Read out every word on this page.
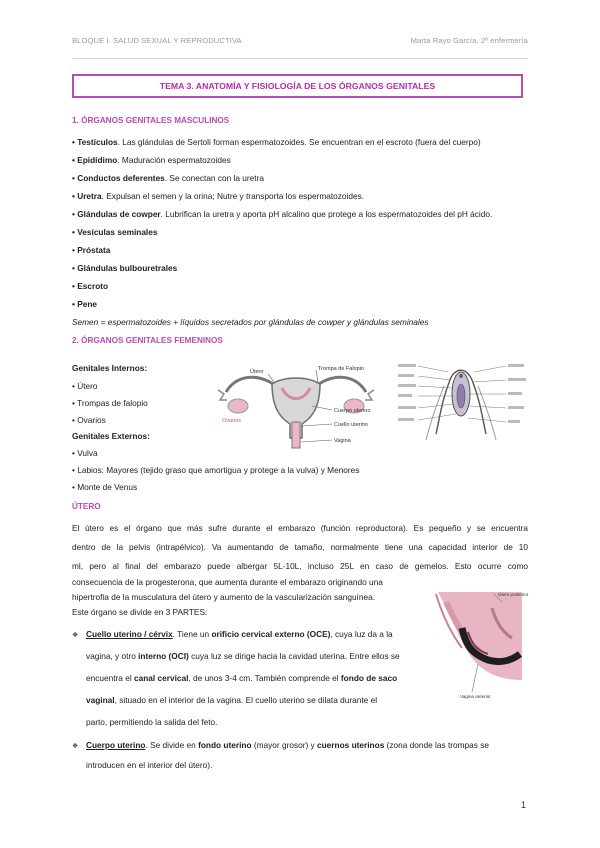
BLOQUE I. SALUD SEXUAL Y REPRODUCTIVA	Marta Rayo García, 2º enfermería
TEMA 3. ANATOMÍA Y FISIOLOGÍA DE LOS ÓRGANOS GENITALES
1. ÓRGANOS GENITALES MASCULINOS
• Testículos. Las glándulas de Sertoli forman espermatozoides. Se encuentran en el escroto (fuera del cuerpo)
• Epidídimo. Maduración espermatozoides
• Conductos deferentes. Se conectan con la uretra
• Uretra. Expulsan el semen y la orina; Nutre y transporta los espermatozoides.
• Glándulas de cowper. Lubrifican la uretra y aporta pH alcalino que protege a los espermatozoides del pH ácido.
• Vesículas seminales
• Próstata
• Glándulas bulbouretrales
• Escroto
• Pene
Semen = espermatozoides + líquidos secretados por glándulas de cowper y glándulas seminales
2. ÓRGANOS GENITALES FEMENINOS
Genitales Internos:
• Útero
• Trompas de falopio
• Ovarios
Genitales Externos:
• Vulva
• Labios: Mayores (tejido graso que amortigua y protege a la vulva) y Menores
• Monte de Venus
Útero	Trompa de Falopio
Ovarios
Cuerpo uterino
Cuello uterino
Vagina
ÚTERO
El útero es el órgano que más sufre durante el embarazo (función reproductora). Es pequeño y se encuentra
dentro de la pelvis (intrapélvico). Va aumentando de tamaño, normalmente tiene una capacidad interior de 10
ml, pero al final del embarazo puede albergar 5L-10L, incluso 25L en caso de gemelos. Esto ocurre como
consecuencia de la progesterona, que aumenta durante el embarazo originando una
hipertrofia de la musculatura del útero y aumento de la vascularización sanguínea.
Este órgano se divide en 3 PARTES:
Útero posterior
Vagina anterior
❖ Cuello uterino / cérvix. Tiene un orificio cervical externo (OCE), cuya luz da a la
vagina, y otro interno (OCI) cuya luz se dirige hacia la cavidad uterina. Entre ellos se
encuentra el canal cervical, de unos 3-4 cm. También comprende el fondo de saco
vaginal, situado en el interior de la vagina. El cuello uterino se dilata durante el
parto, permitiendo la salida del feto.
❖ Cuerpo uterino. Se divide en fondo uterino (mayor grosor) y cuernos uterinos (zona donde las trompas se
introducen en el interior del útero).
1
